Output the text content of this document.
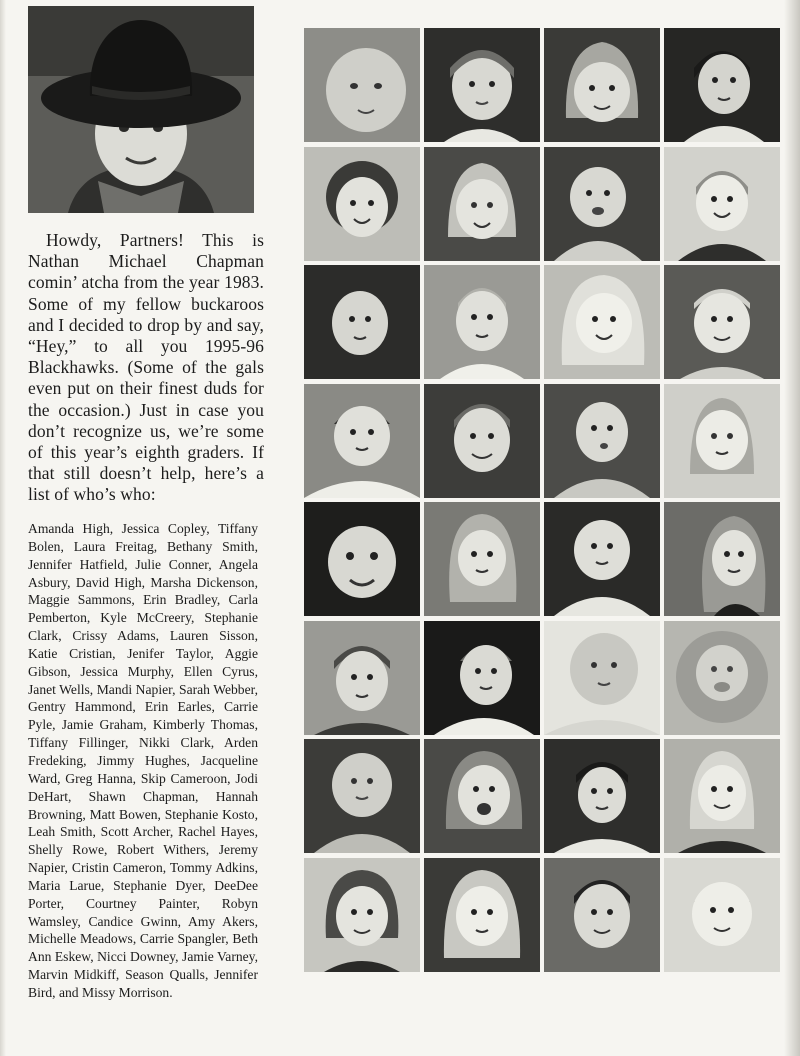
Howdy, Partners! This is Nathan Michael Chapman comin’ atcha from the year 1983. Some of my fellow buckaroos and I decided to drop by and say, “Hey,” to all you 1995-96 Blackhawks. (Some of the gals even put on their finest duds for the occasion.) Just in case you don’t recognize us, we’re some of this year’s eighth graders. If that still doesn’t help, here’s a list of who’s who:

Amanda High, Jessica Copley, Tiffany Bolen, Laura Freitag, Bethany Smith, Jennifer Hatfield, Julie Conner, Angela Asbury, David High, Marsha Dickenson, Maggie Sammons, Erin Bradley, Carla Pemberton, Kyle McCreery, Stephanie Clark, Crissy Adams, Lauren Sisson, Katie Cristian, Jenifer Taylor, Aggie Gibson, Jessica Murphy, Ellen Cyrus, Janet Wells, Mandi Napier, Sarah Webber, Gentry Hammond, Erin Earles, Carrie Pyle, Jamie Graham, Kimberly Thomas, Tiffany Fillinger, Nikki Clark, Arden Fredeking, Jimmy Hughes, Jacqueline Ward, Greg Hanna, Skip Cameroon, Jodi DeHart, Shawn Chapman, Hannah Browning, Matt Bowen, Stephanie Kosto, Leah Smith, Scott Archer, Rachel Hayes, Shelly Rowe, Robert Withers, Jeremy Napier, Cristin Cameron, Tommy Adkins, Maria Larue, Stephanie Dyer, DeeDee Porter, Courtney Painter, Robyn Wamsley, Candice Gwinn, Amy Akers, Michelle Meadows, Carrie Spangler, Beth Ann Eskew, Nicci Downey, Jamie Varney, Marvin Midkiff, Season Qualls, Jennifer Bird, and Missy Morrison.
